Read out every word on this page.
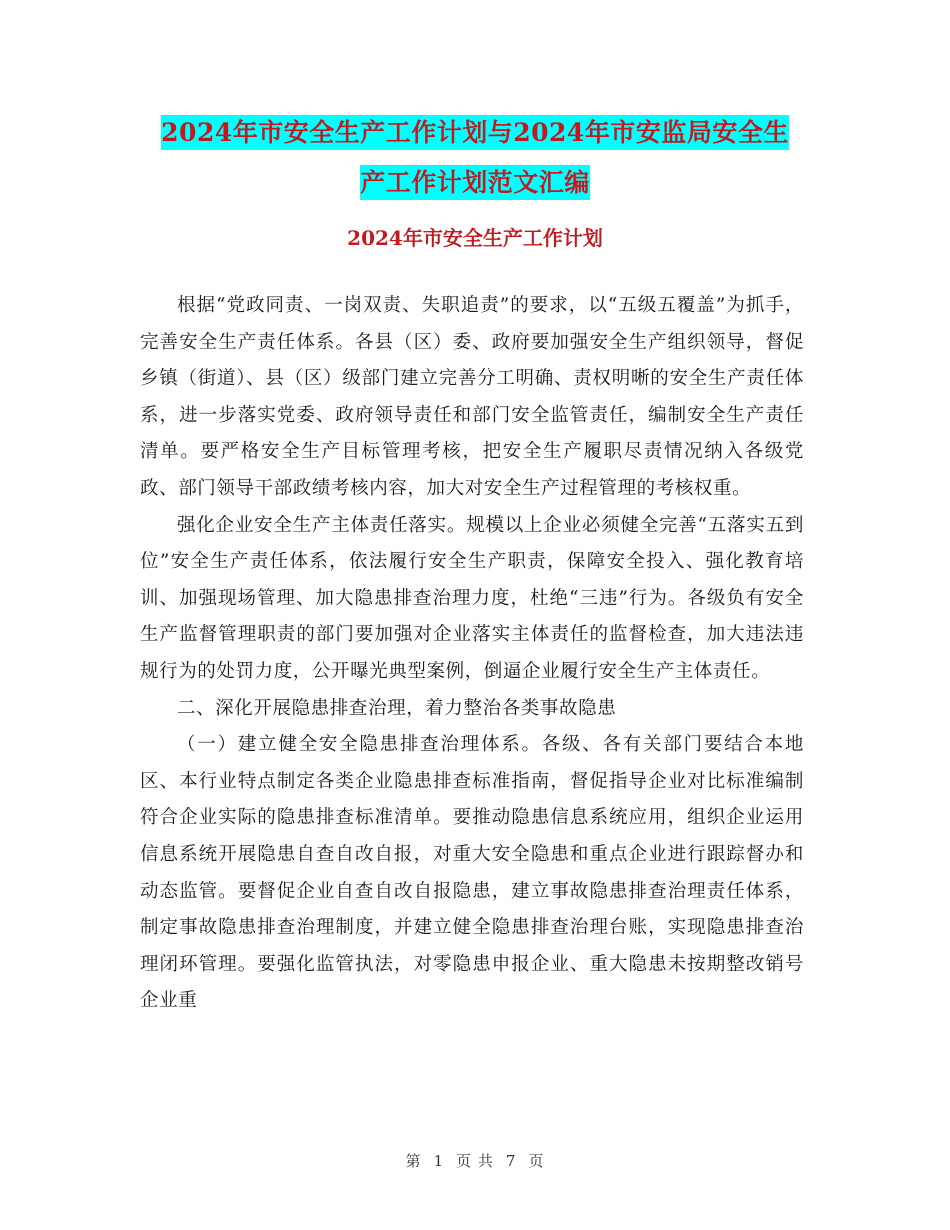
2024年市安全生产工作计划与2024年市安监局安全生
产工作计划范文汇编
2024年市安全生产工作计划

根据“党政同责、一岗双责、失职追责”的要求，以“五级五覆盖”为抓手，完善安全生产责任体系。各县（区）委、政府要加强安全生产组织领导，督促乡镇（街道）、县（区）级部门建立完善分工明确、责权明晰的安全生产责任体系，进一步落实党委、政府领导责任和部门安全监管责任，编制安全生产责任清单。要严格安全生产目标管理考核，把安全生产履职尽责情况纳入各级党政、部门领导干部政绩考核内容，加大对安全生产过程管理的考核权重。

强化企业安全生产主体责任落实。规模以上企业必须健全完善“五落实五到位”安全生产责任体系，依法履行安全生产职责，保障安全投入、强化教育培训、加强现场管理、加大隐患排查治理力度，杜绝“三违”行为。各级负有安全生产监督管理职责的部门要加强对企业落实主体责任的监督检查，加大违法违规行为的处罚力度，公开曝光典型案例，倒逼企业履行安全生产主体责任。

二、深化开展隐患排查治理，着力整治各类事故隐患

（一）建立健全安全隐患排查治理体系。各级、各有关部门要结合本地区、本行业特点制定各类企业隐患排查标准指南，督促指导企业对比标准编制符合企业实际的隐患排查标准清单。要推动隐患信息系统应用，组织企业运用信息系统开展隐患自查自改自报，对重大安全隐患和重点企业进行跟踪督办和动态监管。要督促企业自查自改自报隐患，建立事故隐患排查治理责任体系，制定事故隐患排查治理制度，并建立健全隐患排查治理台账，实现隐患排查治理闭环管理。要强化监管执法，对零隐患申报企业、重大隐患未按期整改销号企业重

第 1 页 共 7 页
